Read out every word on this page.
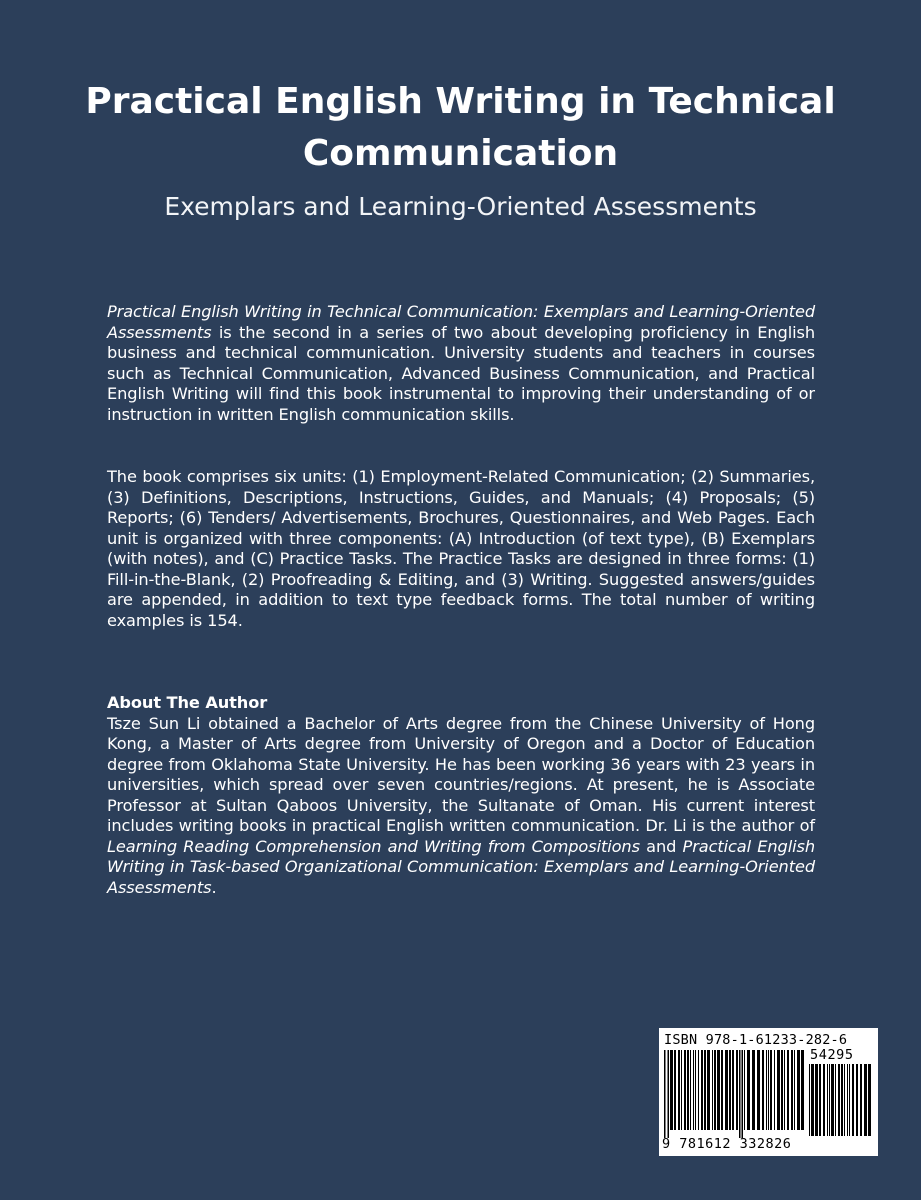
Practical English Writing in Technical Communication
Exemplars and Learning-Oriented Assessments
Practical English Writing in Technical Communication: Exemplars and Learning-Oriented Assessments is the second in a series of two about developing proficiency in English business and technical communication. University students and teachers in courses such as Technical Communication, Advanced Business Communication, and Practical English Writing will find this book instrumental to improving their understanding of or instruction in written English communication skills.
The book comprises six units: (1) Employment-Related Communication; (2) Summaries, (3) Definitions, Descriptions, Instructions, Guides, and Manuals; (4) Proposals; (5) Reports; (6) Tenders/ Advertisements, Brochures, Questionnaires, and Web Pages. Each unit is organized with three components: (A) Introduction (of text type), (B) Exemplars (with notes), and (C) Practice Tasks. The Practice Tasks are designed in three forms: (1) Fill-in-the-Blank, (2) Proofreading & Editing, and (3) Writing. Suggested answers/guides are appended, in addition to text type feedback forms. The total number of writing examples is 154.
About The Author
Tsze Sun Li obtained a Bachelor of Arts degree from the Chinese University of Hong Kong, a Master of Arts degree from University of Oregon and a Doctor of Education degree from Oklahoma State University. He has been working 36 years with 23 years in universities, which spread over seven countries/regions. At present, he is Associate Professor at Sultan Qaboos University, the Sultanate of Oman. His current interest includes writing books in practical English written communication. Dr. Li is the author of Learning Reading Comprehension and Writing from Compositions and Practical English Writing in Task-based Organizational Communication: Exemplars and Learning-Oriented Assessments.
ISBN 978-1-61233-282-6
54295
9 781612 332826
